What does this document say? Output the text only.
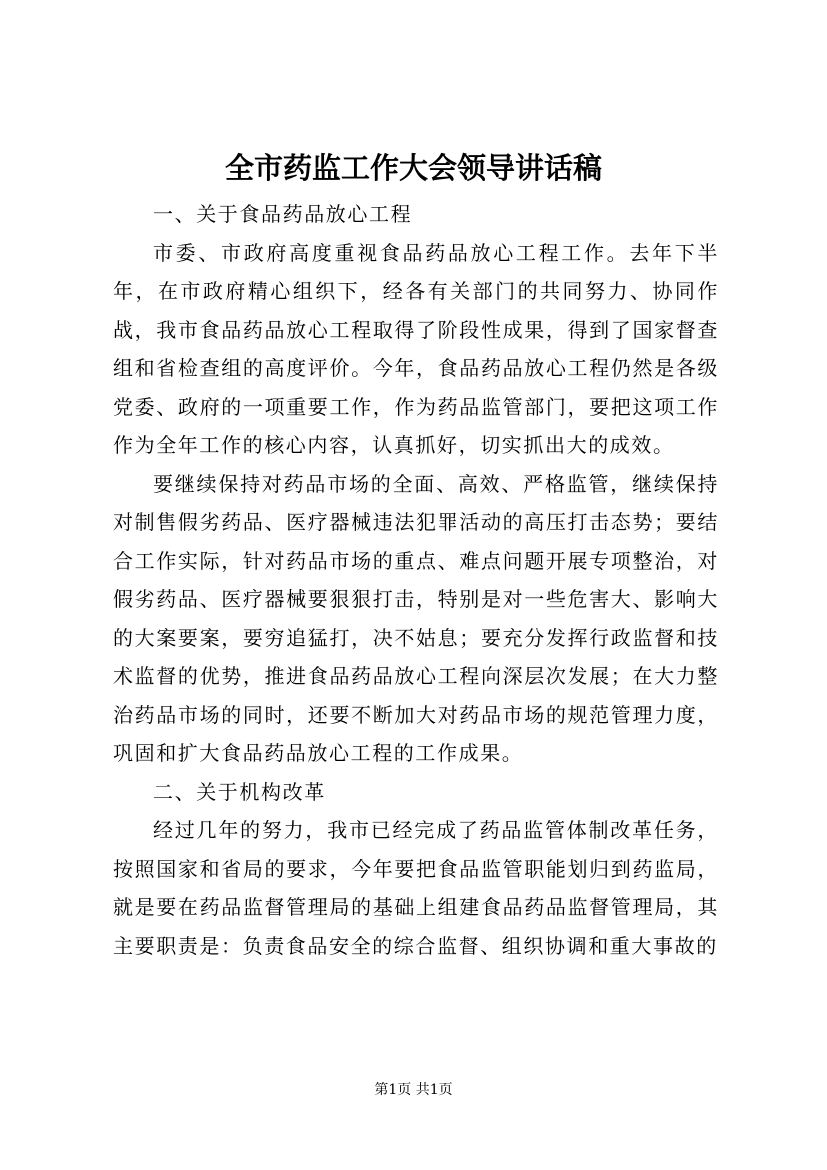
全市药监工作大会领导讲话稿

一、关于食品药品放心工程

市委、市政府高度重视食品药品放心工程工作。去年下半年，在市政府精心组织下，经各有关部门的共同努力、协同作战，我市食品药品放心工程取得了阶段性成果，得到了国家督查组和省检查组的高度评价。今年，食品药品放心工程仍然是各级党委、政府的一项重要工作，作为药品监管部门，要把这项工作作为全年工作的核心内容，认真抓好，切实抓出大的成效。

要继续保持对药品市场的全面、高效、严格监管，继续保持对制售假劣药品、医疗器械违法犯罪活动的高压打击态势；要结合工作实际，针对药品市场的重点、难点问题开展专项整治，对假劣药品、医疗器械要狠狠打击，特别是对一些危害大、影响大的大案要案，要穷追猛打，决不姑息；要充分发挥行政监督和技术监督的优势，推进食品药品放心工程向深层次发展；在大力整治药品市场的同时，还要不断加大对药品市场的规范管理力度，巩固和扩大食品药品放心工程的工作成果。

二、关于机构改革

经过几年的努力，我市已经完成了药品监管体制改革任务，按照国家和省局的要求，今年要把食品监管职能划归到药监局，就是要在药品监督管理局的基础上组建食品药品监督管理局，其主要职责是：负责食品安全的综合监督、组织协调和重大事故的

第1页 共1页
